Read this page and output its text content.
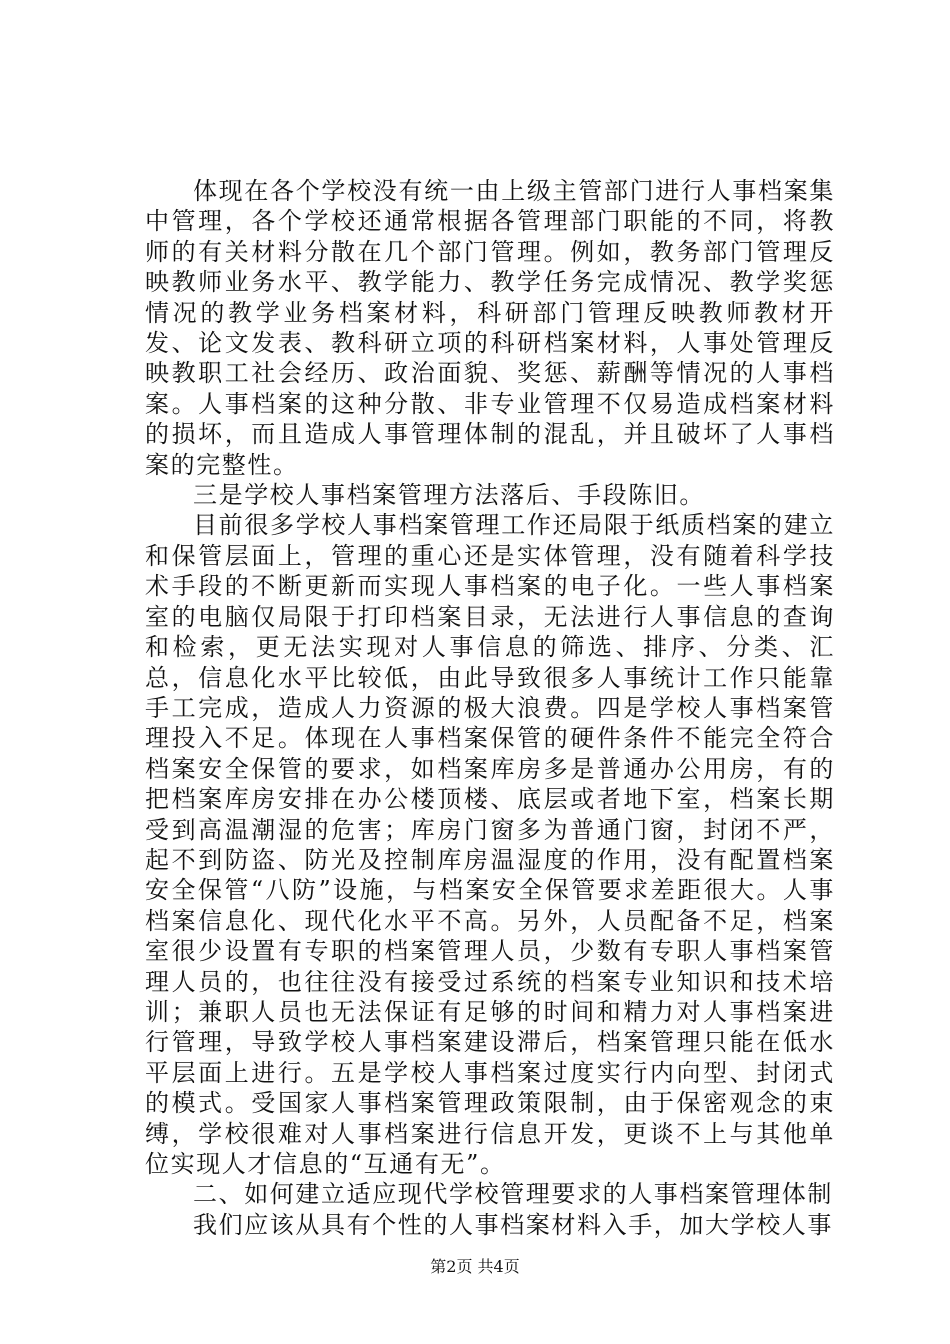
体现在各个学校没有统一由上级主管部门进行人事档案集中管理，各个学校还通常根据各管理部门职能的不同，将教师的有关材料分散在几个部门管理。例如，教务部门管理反映教师业务水平、教学能力、教学任务完成情况、教学奖惩情况的教学业务档案材料，科研部门管理反映教师教材开发、论文发表、教科研立项的科研档案材料，人事处管理反映教职工社会经历、政治面貌、奖惩、薪酬等情况的人事档案。人事档案的这种分散、非专业管理不仅易造成档案材料的损坏，而且造成人事管理体制的混乱，并且破坏了人事档案的完整性。

三是学校人事档案管理方法落后、手段陈旧。

目前很多学校人事档案管理工作还局限于纸质档案的建立和保管层面上，管理的重心还是实体管理，没有随着科学技术手段的不断更新而实现人事档案的电子化。一些人事档案室的电脑仅局限于打印档案目录，无法进行人事信息的查询和检索，更无法实现对人事信息的筛选、排序、分类、汇总，信息化水平比较低，由此导致很多人事统计工作只能靠手工完成，造成人力资源的极大浪费。四是学校人事档案管理投入不足。体现在人事档案保管的硬件条件不能完全符合档案安全保管的要求，如档案库房多是普通办公用房，有的把档案库房安排在办公楼顶楼、底层或者地下室，档案长期受到高温潮湿的危害；库房门窗多为普通门窗，封闭不严，起不到防盗、防光及控制库房温湿度的作用，没有配置档案安全保管“八防”设施，与档案安全保管要求差距很大。人事档案信息化、现代化水平不高。另外，人员配备不足，档案室很少设置有专职的档案管理人员，少数有专职人事档案管理人员的，也往往没有接受过系统的档案专业知识和技术培训；兼职人员也无法保证有足够的时间和精力对人事档案进行管理，导致学校人事档案建设滞后，档案管理只能在低水平层面上进行。五是学校人事档案过度实行内向型、封闭式的模式。受国家人事档案管理政策限制，由于保密观念的束缚，学校很难对人事档案进行信息开发，更谈不上与其他单位实现人才信息的“互通有无”。

二、如何建立适应现代学校管理要求的人事档案管理体制

我们应该从具有个性的人事档案材料入手，加大学校人事

第2页 共4页
